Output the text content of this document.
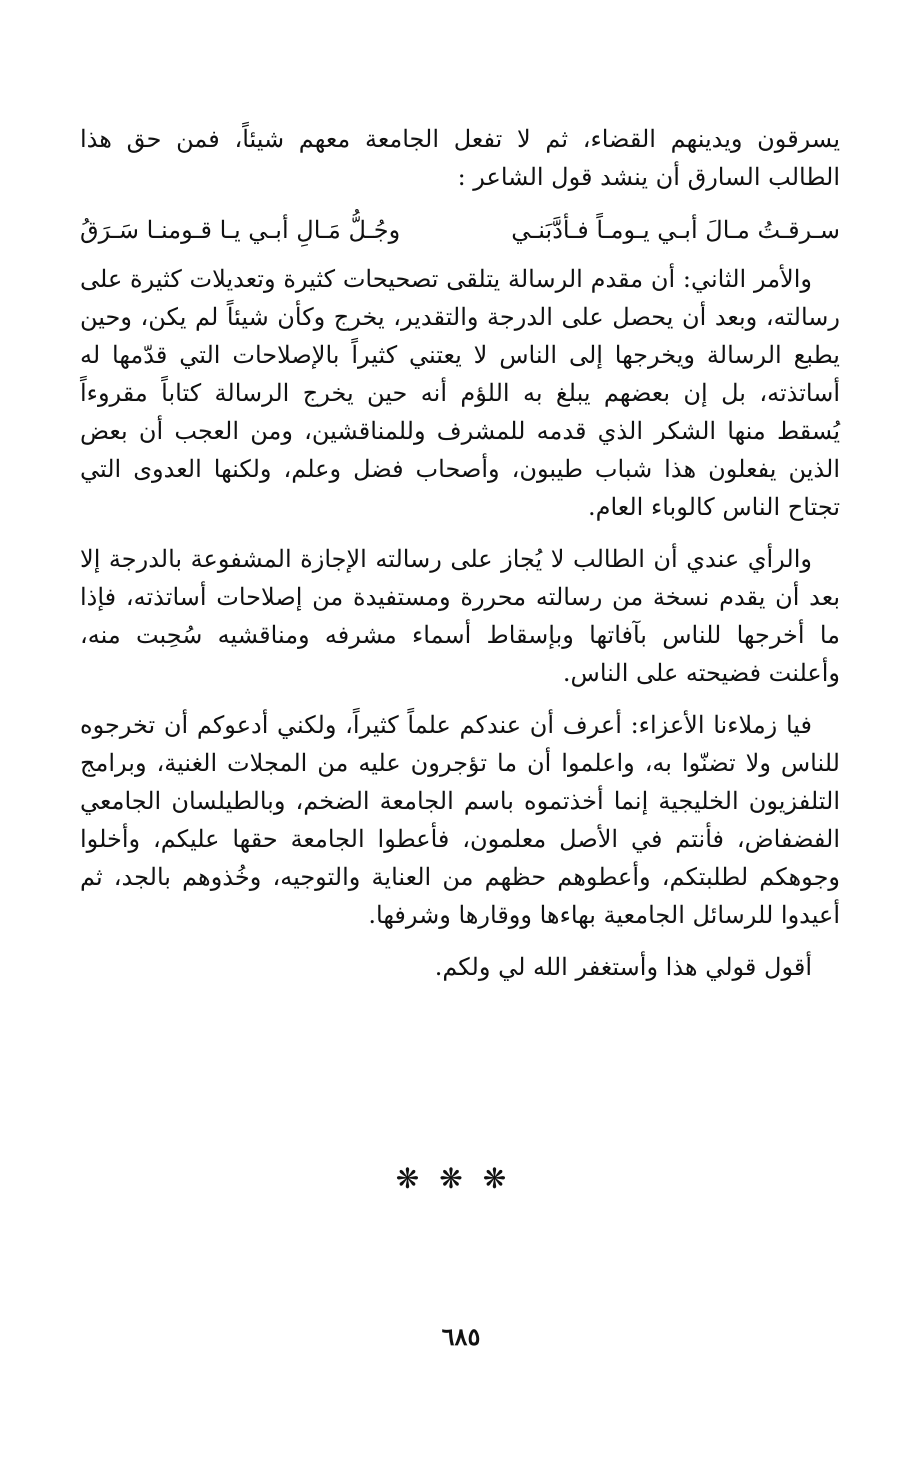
يسرقون ويدينهم القضاء، ثم لا تفعل الجامعة معهم شيئاً، فمن حق هذا الطالب السارق أن ينشد قول الشاعر :

سـرقـتُ مـالَ أبـي يـومـاً فـأدَّبَنـي
وجُـلُّ مَـالِ أبـي يـا قـومنـا سَـرَقُ

والأمر الثاني: أن مقدم الرسالة يتلقى تصحيحات كثيرة وتعديلات كثيرة على رسالته، وبعد أن يحصل على الدرجة والتقدير، يخرج وكأن شيئاً لم يكن، وحين يطبع الرسالة ويخرجها إلى الناس لا يعتني كثيراً بالإصلاحات التي قدّمها له أساتذته، بل إن بعضهم يبلغ به اللؤم أنه حين يخرج الرسالة كتاباً مقروءاً يُسقط منها الشكر الذي قدمه للمشرف وللمناقشين، ومن العجب أن بعض الذين يفعلون هذا شباب طيبون، وأصحاب فضل وعلم، ولكنها العدوى التي تجتاح الناس كالوباء العام.

والرأي عندي أن الطالب لا يُجاز على رسالته الإجازة المشفوعة بالدرجة إلا بعد أن يقدم نسخة من رسالته محررة ومستفيدة من إصلاحات أساتذته، فإذا ما أخرجها للناس بآفاتها وبإسقاط أسماء مشرفه ومناقشيه سُحِبت منه، وأعلنت فضيحته على الناس.

فيا زملاءنا الأعزاء: أعرف أن عندكم علماً كثيراً، ولكني أدعوكم أن تخرجوه للناس ولا تضنّوا به، واعلموا أن ما تؤجرون عليه من المجلات الغنية، وبرامج التلفزيون الخليجية إنما أخذتموه باسم الجامعة الضخم، وبالطيلسان الجامعي الفضفاض، فأنتم في الأصل معلمون، فأعطوا الجامعة حقها عليكم، وأخلوا وجوهكم لطلبتكم، وأعطوهم حظهم من العناية والتوجيه، وخُذوهم بالجد، ثم أعيدوا للرسائل الجامعية بهاءها ووقارها وشرفها.

أقول قولي هذا وأستغفر الله لي ولكم.

❋❋❋
٦٨٥
